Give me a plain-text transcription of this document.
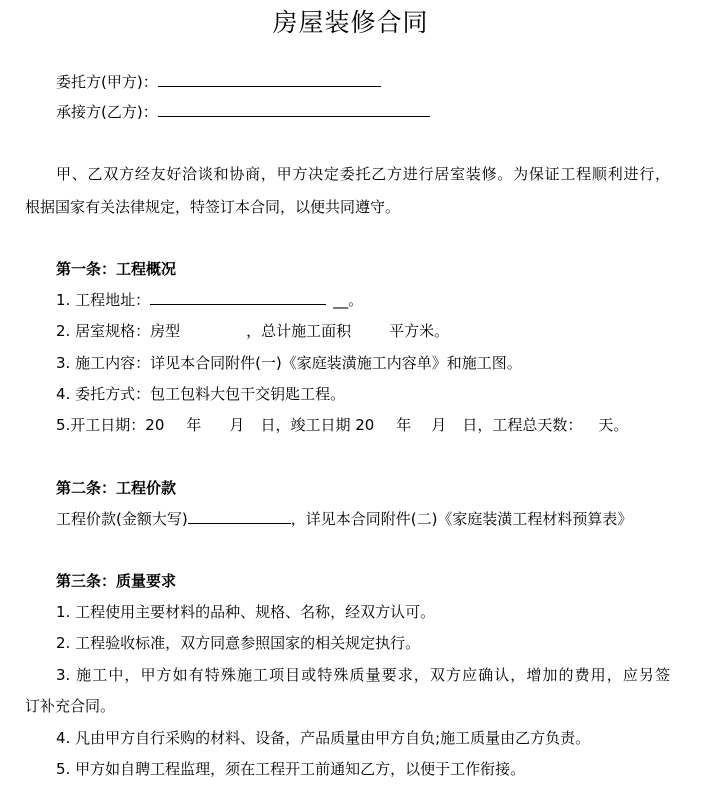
房屋装修合同
委托方(甲方)：
承接方(乙方)：
甲、乙双方经友好洽谈和协商，甲方决定委托乙方进行居室装修。为保证工程顺利进行，
根据国家有关法律规定，特签订本合同，以便共同遵守。
第一条：工程概况
1. 工程地址：	__。
2. 居室规格：房型	，总计施工面积	平方米。
3. 施工内容：详见本合同附件(一)《家庭装潢施工内容单》和施工图。
4. 委托方式：包工包料大包干交钥匙工程。
5.开工日期：20 年 月 日，竣工日期 20 年 月 日，工程总天数： 天。
第二条：工程价款
工程价款(金额大写)	，详见本合同附件(二)《家庭装潢工程材料预算表》
第三条：质量要求
1. 工程使用主要材料的品种、规格、名称，经双方认可。
2. 工程验收标准，双方同意参照国家的相关规定执行。
3. 施工中，甲方如有特殊施工项目或特殊质量要求，双方应确认，增加的费用，应另签
订补充合同。
4. 凡由甲方自行采购的材料、设备，产品质量由甲方自负;施工质量由乙方负责。
5. 甲方如自聘工程监理，须在工程开工前通知乙方，以便于工作衔接。
